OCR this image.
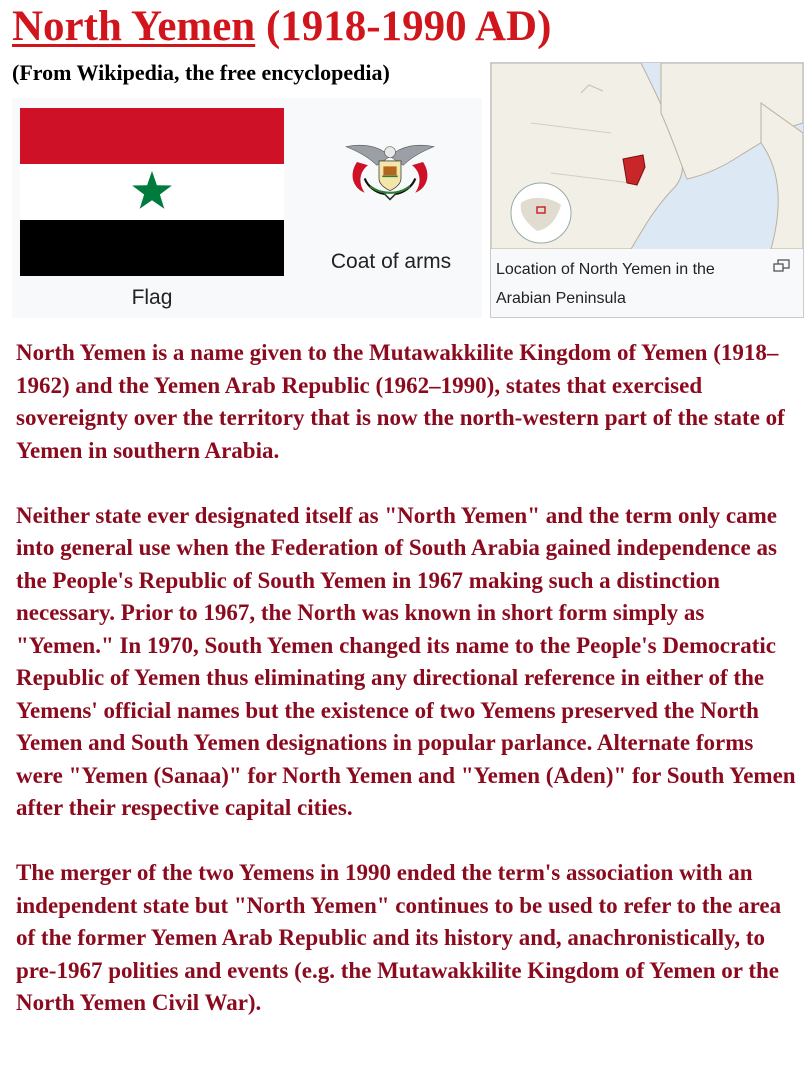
North Yemen (1918-1990 AD)
(From Wikipedia, the free encyclopedia)
Flag
Coat of arms	Location of North Yemen in the Arabian Peninsula

North Yemen is a name given to the Mutawakkilite Kingdom of Yemen (1918–1962) and the Yemen Arab Republic (1962–1990), states that exercised sovereignty over the territory that is now the north-western part of the state of Yemen in southern Arabia.

Neither state ever designated itself as "North Yemen" and the term only came into general use when the Federation of South Arabia gained independence as the People's Republic of South Yemen in 1967 making such a distinction necessary. Prior to 1967, the North was known in short form simply as "Yemen." In 1970, South Yemen changed its name to the People's Democratic Republic of Yemen thus eliminating any directional reference in either of the Yemens' official names but the existence of two Yemens preserved the North Yemen and South Yemen designations in popular parlance. Alternate forms were "Yemen (Sanaa)" for North Yemen and "Yemen (Aden)" for South Yemen after their respective capital cities.

The merger of the two Yemens in 1990 ended the term's association with an independent state but "North Yemen" continues to be used to refer to the area of the former Yemen Arab Republic and its history and, anachronistically, to pre-1967 polities and events (e.g. the Mutawakkilite Kingdom of Yemen or the North Yemen Civil War).
